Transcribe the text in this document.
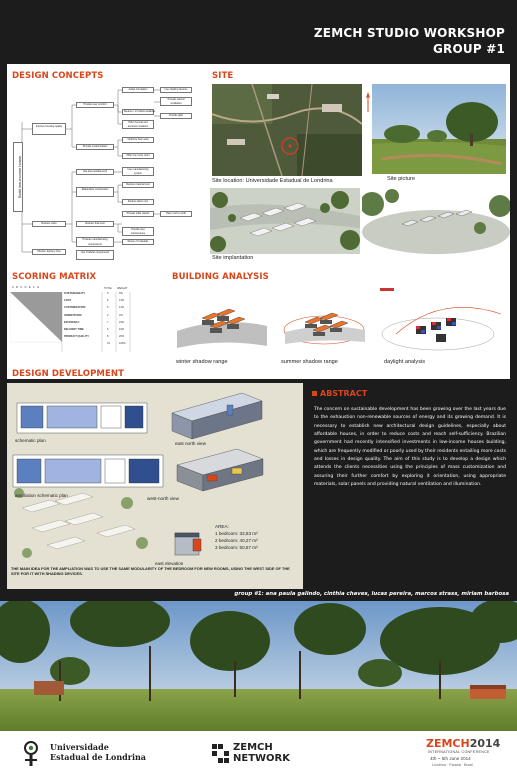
ZEMCH STUDIO WORKSHOP
GROUP #1
DESIGN CONCEPTS
Build low-income house
Improve housing quality
Reduce costs
Shorten delivery time
Provide user comfort
Provide customization
Use low-cost/low-tech
Rationalize construction
Reduce final cost
Provide manufacturing components
Use modular components
Adapt orientation
Reduce / or hollow locations
Offer thermal and acoustic insulation
Offer one more room
Optimize floor area
Use manufacturing system
Reduce material cost
Reduce labor cost
Provide solar panels
Provide less maintenance
Reuse of materials
Use shading devices
Provide natural ventilation
Provide light
Have roof to north
SITE
Site location: Universidade Estadual de Londrina	Site picture
Site implantation
SCORING MATRIX
ABCDEFG	TOTAL WEIGHT
SUSTAINABILITY	0	0%
COST	6	13%
CUSTOMIZATION	5	14%
ORIENTATION	2	4%
EFFICIENCY	7	23%
DELIVERY TIME	6	19%
PRODUCT QUALITY	8	26%
31	100%
BUILDING ANALYSIS
winter shadow range	summer shadow range	daylight analysis
DESIGN DEVELOPMENT
schematic plan
east north view
ampliation schematic plan
west-north view
east elevation
AREA:
1 bedroom: 32,83 m²
2 bedroom: 40,27 m²
3 bedroom: 50,57 m²
THE MAIN IDEA FOR THE AMPLIATION WAS TO USE THE SAME MODULARITY OF THE BEDROOM FOR NEW ROOMS, USING THE WEST SIDE OF THE SITE FOR IT WITH SHADING DEVICES.
ABSTRACT
The concern on sustainable development has been growing over the last years due to the exhaustion non-renewable sources of energy and its growing demand. It is necessary to establish new architectural design guidelines, especially about affordable houses, in order to reduce costs and reach self-sufficiency. Brazilian government had recently intensified investments in low-income houses building, which are frequently modified or poorly used by their residents entailing more costs and losses in design quality. The aim of this study is to develop a design which attends the clients necessities using the principles of mass customization and assuring their further comfort by exploring it orientation, using appropriate materials, solar panels and providing natural ventilation and illumination.
group #1: ana paula galindo, cinthia chaves, lucas pereira, marcos strass, miriam barbosa
Universidade
Estadual de Londrina
ZEMCH
NETWORK
ZEMCH2014
INTERNATIONAL CONFERENCE
4th ~ 6th June 2014
Londrina · Paraná · Brazil
